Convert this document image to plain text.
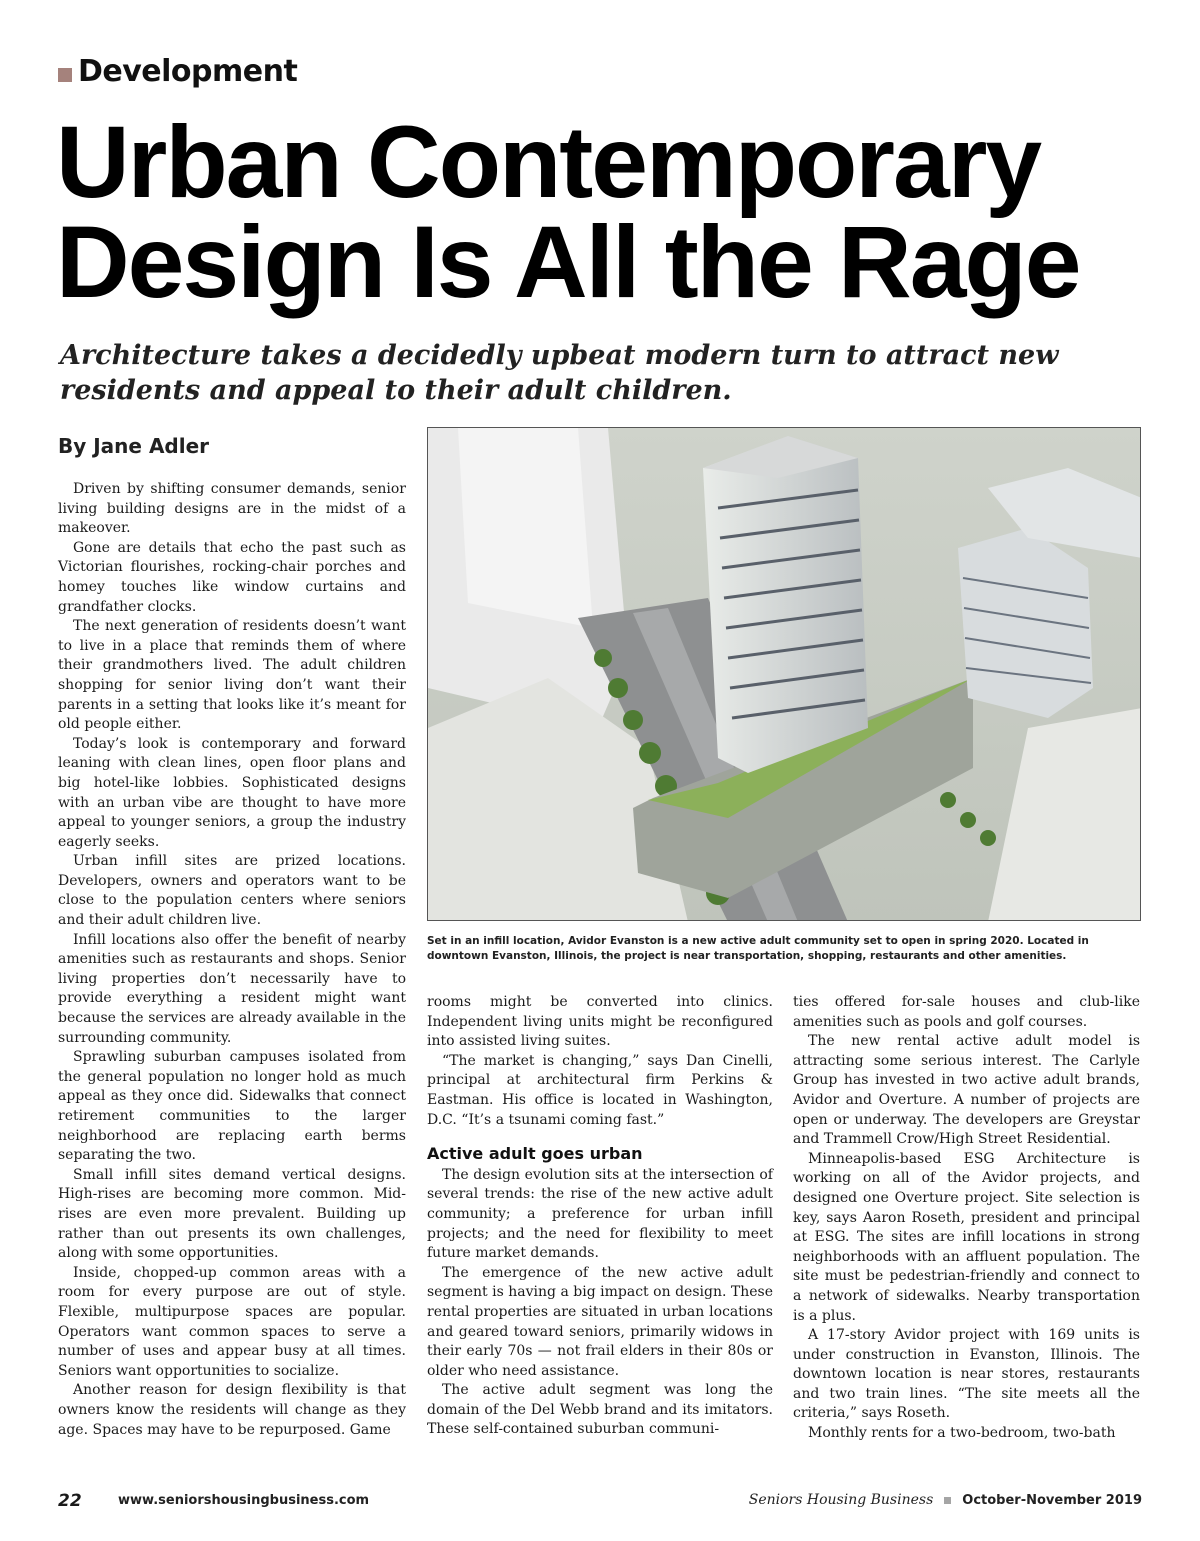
Development
Urban Contemporary
Design Is All the Rage

Architecture takes a decidedly upbeat modern turn to attract new
residents and appeal to their adult children.

By Jane Adler

Driven by shifting consumer demands, senior living building designs are in the midst of a makeover.

Gone are details that echo the past such as Victorian flourishes, rocking-chair porches and homey touches like window curtains and grandfather clocks.

The next generation of residents doesn’t want to live in a place that reminds them of where their grandmothers lived. The adult children shopping for senior living don’t want their parents in a setting that looks like it’s meant for old people either.

Today’s look is contemporary and forward leaning with clean lines, open floor plans and big hotel-like lobbies. Sophisticated designs with an urban vibe are thought to have more appeal to younger seniors, a group the industry eagerly seeks.

Urban infill sites are prized locations. Developers, owners and operators want to be close to the population centers where seniors and their adult children live.

Infill locations also offer the benefit of nearby amenities such as restaurants and shops. Senior living properties don’t necessarily have to provide everything a resident might want because the services are already available in the surrounding community.

Sprawling suburban campuses isolated from the general population no longer hold as much appeal as they once did. Sidewalks that connect retirement communities to the larger neighborhood are replacing earth berms separating the two.

Small infill sites demand vertical designs. High-rises are becoming more common. Mid-rises are even more prevalent. Building up rather than out presents its own challenges, along with some opportunities.

Inside, chopped-up common areas with a room for every purpose are out of style. Flexible, multipurpose spaces are popular. Operators want common spaces to serve a number of uses and appear busy at all times. Seniors want opportunities to socialize.

Another reason for design flexibility is that owners know the residents will change as they age. Spaces may have to be repurposed. Game

Set in an infill location, Avidor Evanston is a new active adult community set to open in spring 2020. Located in downtown Evanston, Illinois, the project is near transportation, shopping, restaurants and other amenities.

rooms might be converted into clinics. Independent living units might be reconfigured into assisted living suites.

“The market is changing,” says Dan Cinelli, principal at architectural firm Perkins & Eastman. His office is located in Washington, D.C. “It’s a tsunami coming fast.”

Active adult goes urban

The design evolution sits at the intersection of several trends: the rise of the new active adult community; a preference for urban infill projects; and the need for flexibility to meet future market demands.

The emergence of the new active adult segment is having a big impact on design. These rental properties are situated in urban locations and geared toward seniors, primarily widows in their early 70s — not frail elders in their 80s or older who need assistance.

The active adult segment was long the domain of the Del Webb brand and its imitators. These self-contained suburban communi-

ties offered for-sale houses and club-like amenities such as pools and golf courses.

The new rental active adult model is attracting some serious interest. The Carlyle Group has invested in two active adult brands, Avidor and Overture. A number of projects are open or underway. The developers are Greystar and Trammell Crow/High Street Residential.

Minneapolis-based ESG Architecture is working on all of the Avidor projects, and designed one Overture project. Site selection is key, says Aaron Roseth, president and principal at ESG. The sites are infill locations in strong neighborhoods with an affluent population. The site must be pedestrian-friendly and connect to a network of sidewalks. Nearby transportation is a plus.

A 17-story Avidor project with 169 units is under construction in Evanston, Illinois. The downtown location is near stores, restaurants and two train lines. “The site meets all the criteria,” says Roseth.

Monthly rents for a two-bedroom, two-bath

22	www.seniorshousingbusiness.com	Seniors Housing Business October-November 2019
